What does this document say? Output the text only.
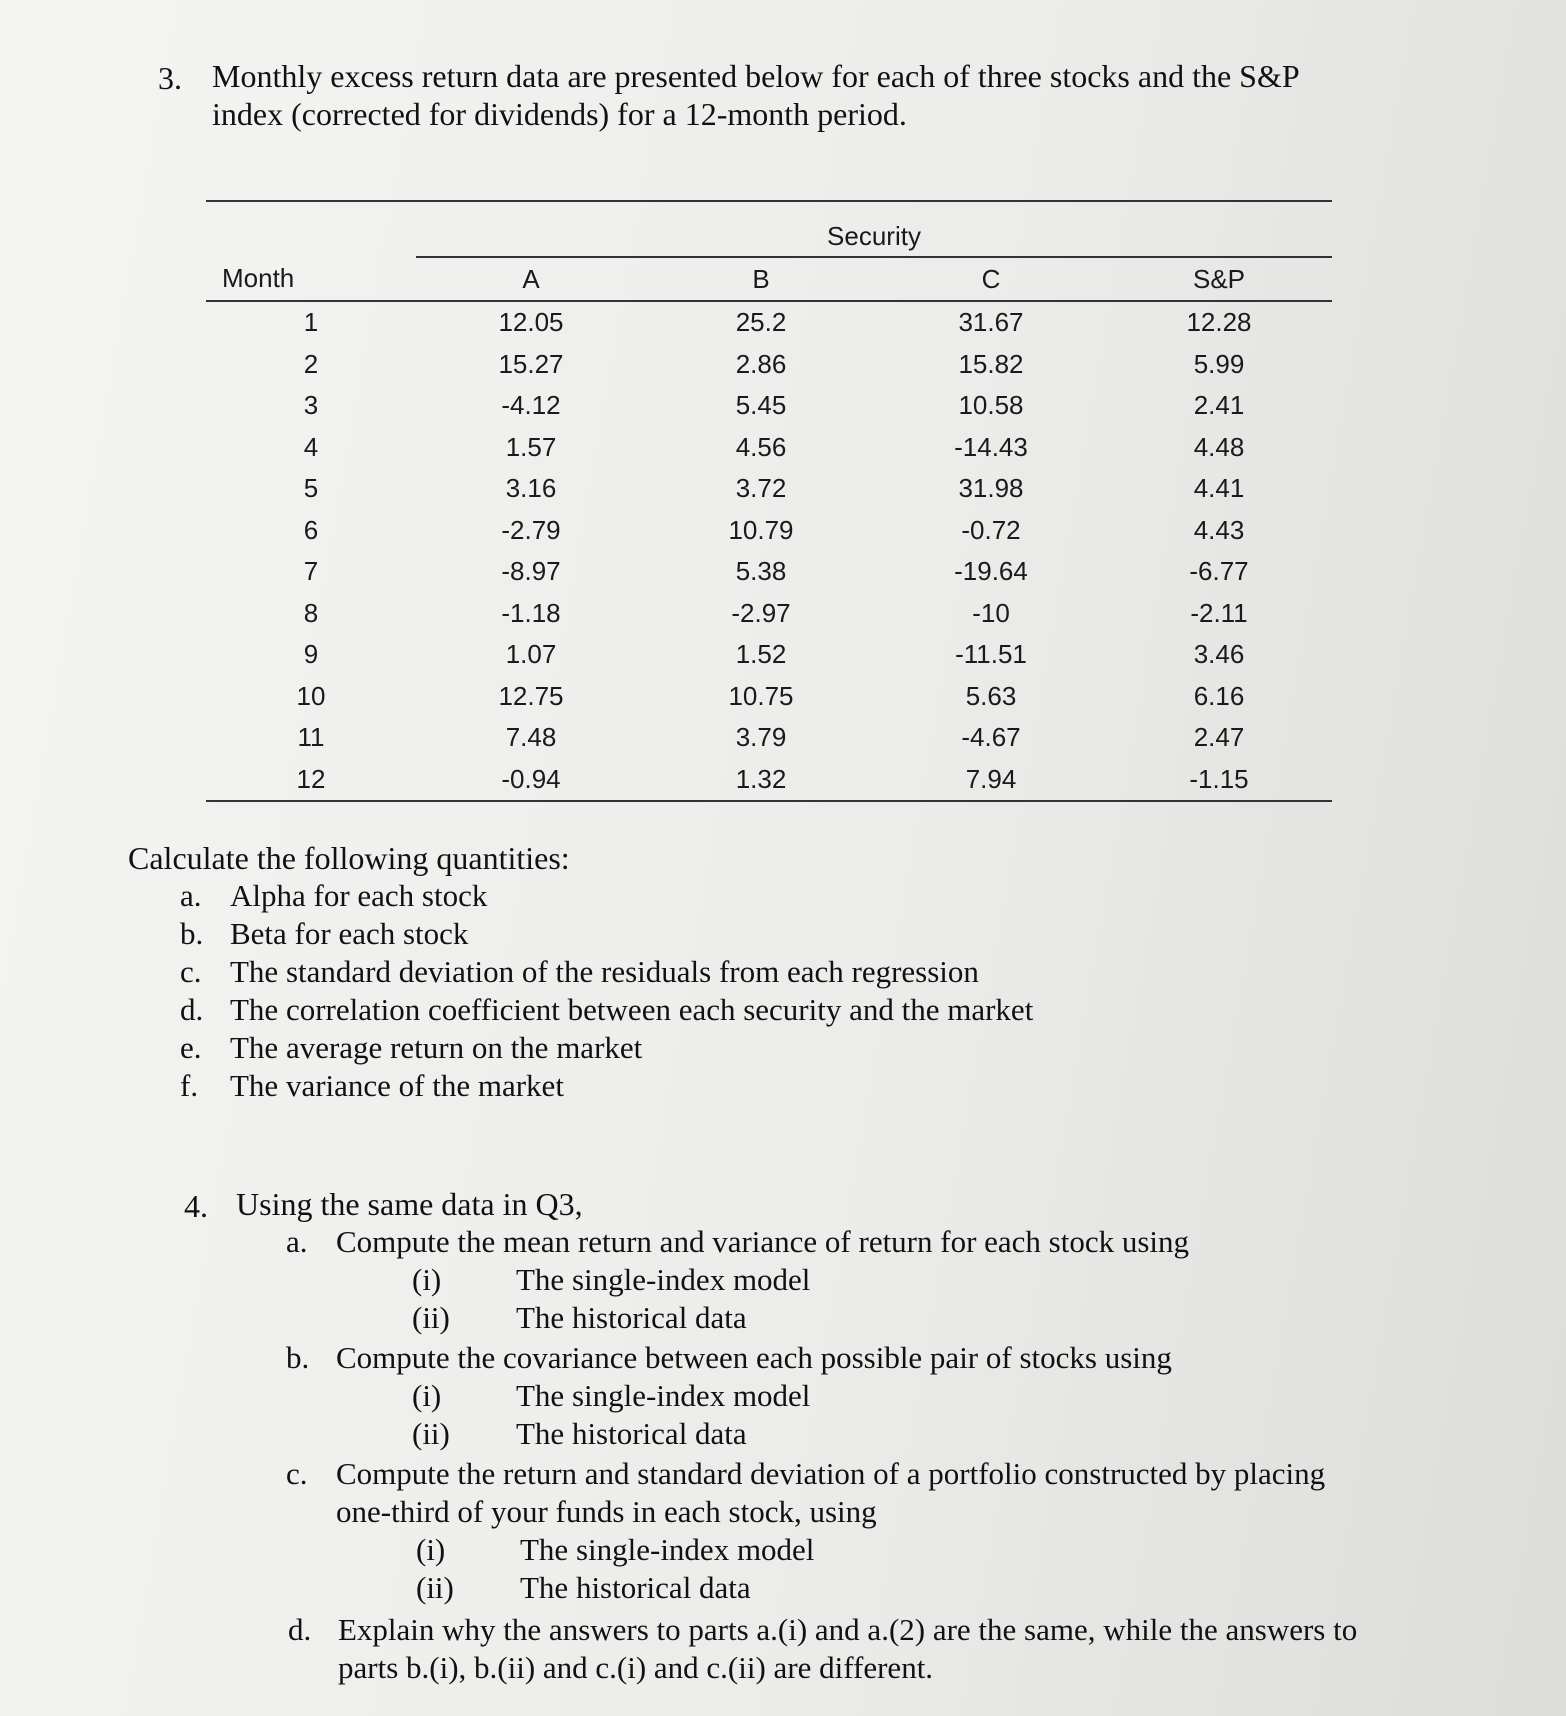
3. Monthly excess return data are presented below for each of three stocks and the S&P
index (corrected for dividends) for a 12-month period.
Month	Security			
	A	B	C	S&P
1	12.05	25.2	31.67	12.28
2	15.27	2.86	15.82	5.99
3	-4.12	5.45	10.58	2.41
4	1.57	4.56	-14.43	4.48
5	3.16	3.72	31.98	4.41
6	-2.79	10.79	-0.72	4.43
7	-8.97	5.38	-19.64	-6.77
8	-1.18	-2.97	-10	-2.11
9	1.07	1.52	-11.51	3.46
10	12.75	10.75	5.63	6.16
11	7.48	3.79	-4.67	2.47
12	-0.94	1.32	7.94	-1.15
Calculate the following quantities:
a. Alpha for each stock
b. Beta for each stock
c. The standard deviation of the residuals from each regression
d. The correlation coefficient between each security and the market
e. The average return on the market
f. The variance of the market
4. Using the same data in Q3,
a. Compute the mean return and variance of return for each stock using
(i) The single-index model
(ii) The historical data
b. Compute the covariance between each possible pair of stocks using
(i) The single-index model
(ii) The historical data
c. Compute the return and standard deviation of a portfolio constructed by placing
one-third of your funds in each stock, using
(i) The single-index model
(ii) The historical data
d. Explain why the answers to parts a.(i) and a.(2) are the same, while the answers to
parts b.(i), b.(ii) and c.(i) and c.(ii) are different.
